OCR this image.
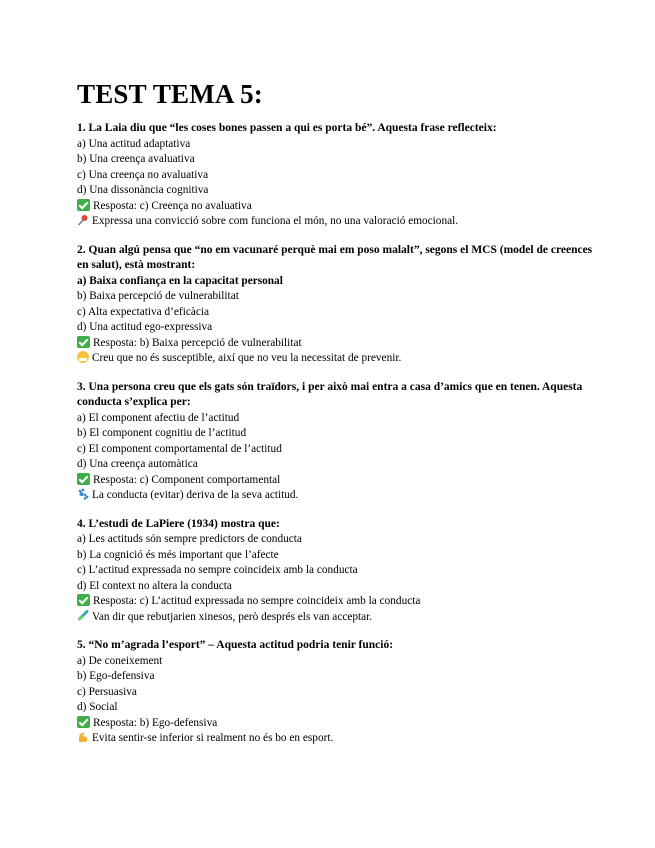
TEST TEMA 5:

1. La Laia diu que “les coses bones passen a qui es porta bé”. Aquesta frase reflecteix:

a) Una actitud adaptativa

b) Una creença avaluativa

c) Una creença no avaluativa

d) Una dissonància cognitiva

Resposta: c) Creença no avaluativa

Expressa una convicció sobre com funciona el món, no una valoració emocional.

2. Quan algú pensa que “no em vacunaré perquè mai em poso malalt”, segons el MCS (model de creences en salut), està mostrant:

a) Baixa confiança en la capacitat personal

b) Baixa percepció de vulnerabilitat

c) Alta expectativa d’eficàcia

d) Una actitud ego-expressiva

Resposta: b) Baixa percepció de vulnerabilitat

Creu que no és susceptible, així que no veu la necessitat de prevenir.

3. Una persona creu que els gats són traïdors, i per això mai entra a casa d’amics que en tenen. Aquesta conducta s’explica per:

a) El component afectiu de l’actitud

b) El component cognitiu de l’actitud

c) El component comportamental de l’actitud

d) Una creença automàtica

Resposta: c) Component comportamental

La conducta (evitar) deriva de la seva actitud.

4. L’estudi de LaPiere (1934) mostra que:

a) Les actituds són sempre predictors de conducta

b) La cognició és més important que l’afecte

c) L’actitud expressada no sempre coincideix amb la conducta

d) El context no altera la conducta

Resposta: c) L’actitud expressada no sempre coincideix amb la conducta

Van dir que rebutjarien xinesos, però després els van acceptar.

5. “No m’agrada l’esport” – Aquesta actitud podria tenir funció:

a) De coneixement

b) Ego-defensiva

c) Persuasiva

d) Social

Resposta: b) Ego-defensiva

Evita sentir-se inferior si realment no és bo en esport.
